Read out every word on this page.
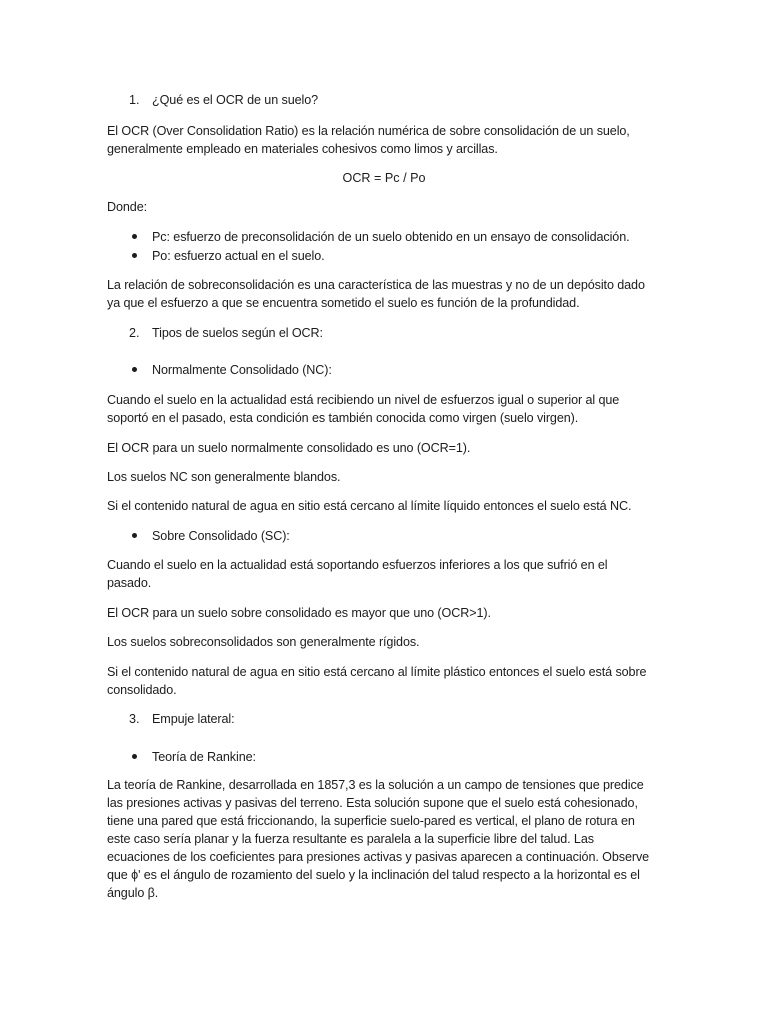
1. ¿Qué es el OCR de un suelo?
El OCR (Over Consolidation Ratio) es la relación numérica de sobre consolidación de un suelo,
generalmente empleado en materiales cohesivos como limos y arcillas.
OCR = Pc / Po
Donde:
Pc: esfuerzo de preconsolidación de un suelo obtenido en un ensayo de consolidación.
Po: esfuerzo actual en el suelo.
La relación de sobreconsolidación es una característica de las muestras y no de un depósito dado
ya que el esfuerzo a que se encuentra sometido el suelo es función de la profundidad.
2. Tipos de suelos según el OCR:
Normalmente Consolidado (NC):
Cuando el suelo en la actualidad está recibiendo un nivel de esfuerzos igual o superior al que
soportó en el pasado, esta condición es también conocida como virgen (suelo virgen).
El OCR para un suelo normalmente consolidado es uno (OCR=1).
Los suelos NC son generalmente blandos.
Si el contenido natural de agua en sitio está cercano al límite líquido entonces el suelo está NC.
Sobre Consolidado (SC):
Cuando el suelo en la actualidad está soportando esfuerzos inferiores a los que sufrió en el
pasado.
El OCR para un suelo sobre consolidado es mayor que uno (OCR>1).
Los suelos sobreconsolidados son generalmente rígidos.
Si el contenido natural de agua en sitio está cercano al límite plástico entonces el suelo está sobre
consolidado.
3. Empuje lateral:
Teoría de Rankine:
La teoría de Rankine, desarrollada en 1857,3 es la solución a un campo de tensiones que predice
las presiones activas y pasivas del terreno. Esta solución supone que el suelo está cohesionado,
tiene una pared que está friccionando, la superficie suelo-pared es vertical, el plano de rotura en
este caso sería planar y la fuerza resultante es paralela a la superficie libre del talud. Las
ecuaciones de los coeficientes para presiones activas y pasivas aparecen a continuación. Observe
que ϕ' es el ángulo de rozamiento del suelo y la inclinación del talud respecto a la horizontal es el
ángulo β.
